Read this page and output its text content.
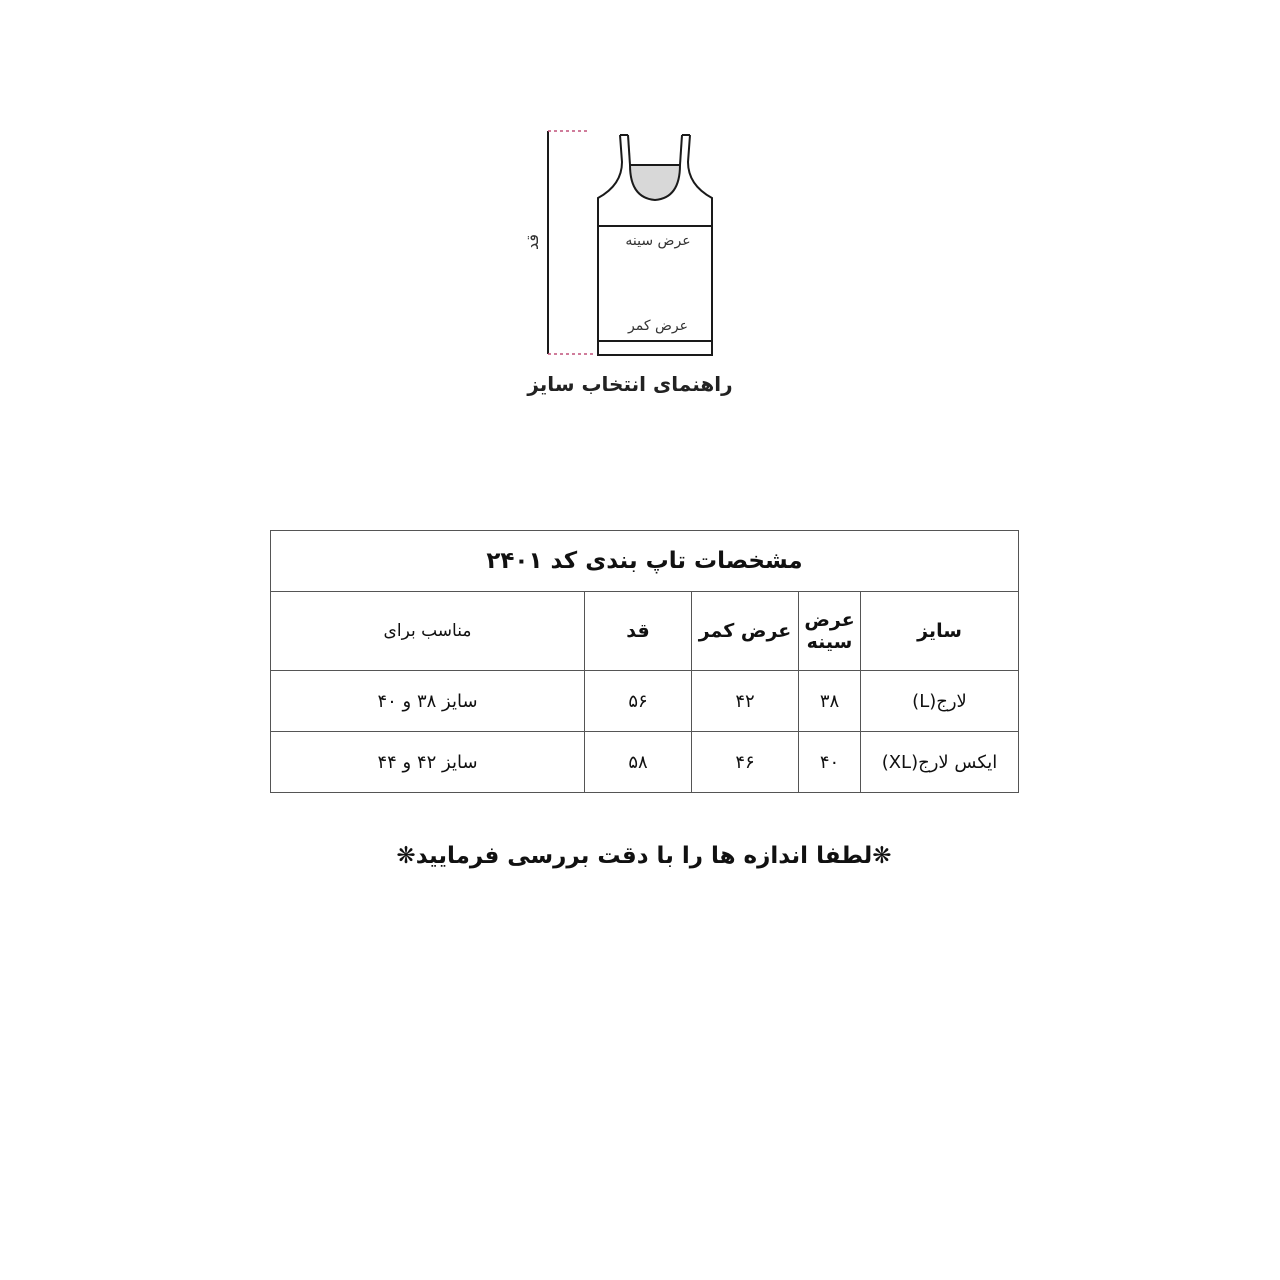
قد	عرض سینه
عرض کمر
راهنمای انتخاب سایز
مشخصات تاپ بندی کد ۲۴۰۱				
سایز	عرض سینه	عرض کمر	قد	مناسب برای
لارج(L)	۳۸	۴۲	۵۶	سایز ۳۸ و ۴۰
ایکس لارج(XL)	۴۰	۴۶	۵۸	سایز ۴۲ و ۴۴
❋لطفا اندازه ها را با دقت بررسی فرمایید❋
